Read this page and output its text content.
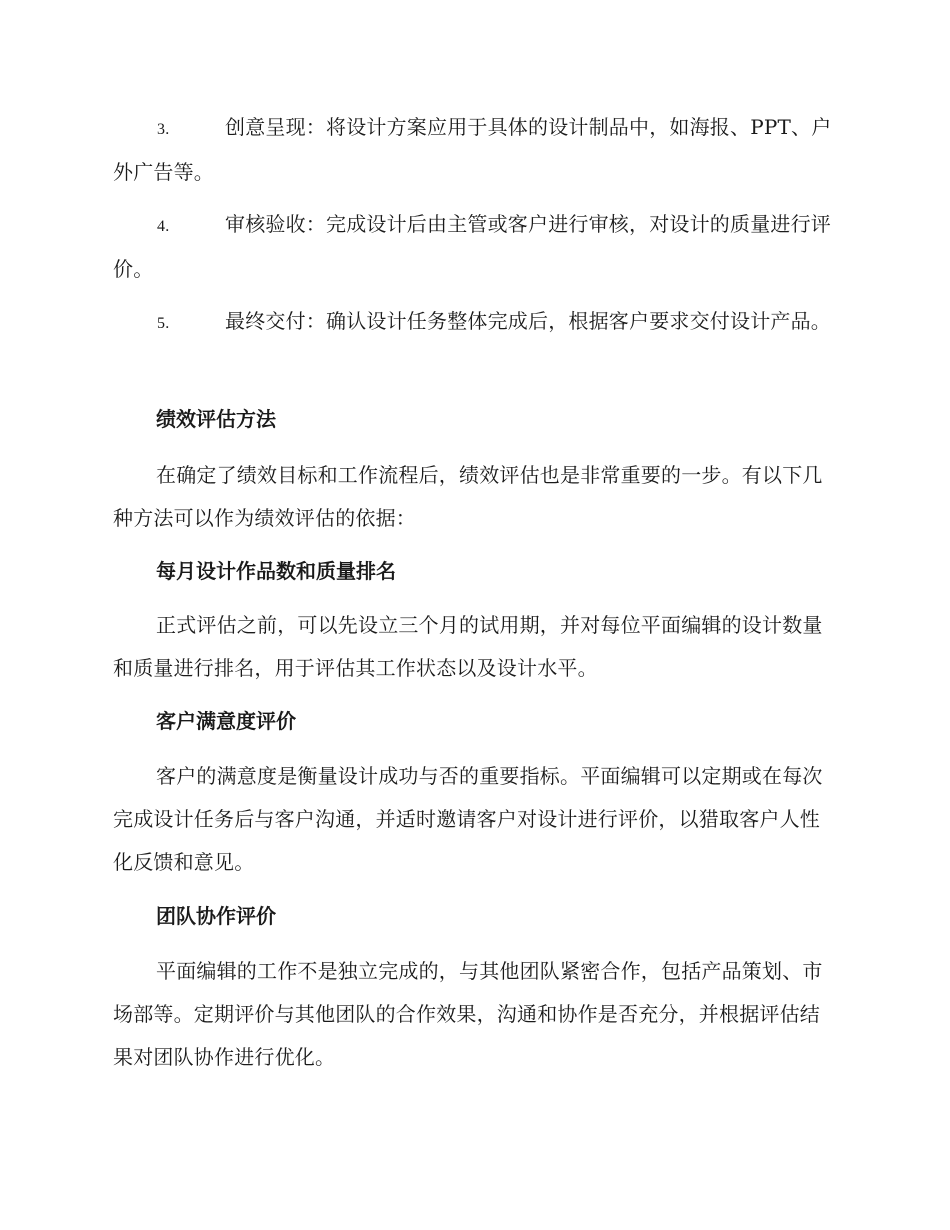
3.	创意呈现：将设计方案应用于具体的设计制品中，如海报、PPT、户外广告等。
4.	审核验收：完成设计后由主管或客户进行审核，对设计的质量进行评价。
5.	最终交付：确认设计任务整体完成后，根据客户要求交付设计产品。
绩效评估方法
在确定了绩效目标和工作流程后，绩效评估也是非常重要的一步。有以下几种方法可以作为绩效评估的依据：
每月设计作品数和质量排名
正式评估之前，可以先设立三个月的试用期，并对每位平面编辑的设计数量和质量进行排名，用于评估其工作状态以及设计水平。
客户满意度评价
客户的满意度是衡量设计成功与否的重要指标。平面编辑可以定期或在每次完成设计任务后与客户沟通，并适时邀请客户对设计进行评价，以猎取客户人性化反馈和意见。
团队协作评价
平面编辑的工作不是独立完成的，与其他团队紧密合作，包括产品策划、市场部等。定期评价与其他团队的合作效果，沟通和协作是否充分，并根据评估结果对团队协作进行优化。
